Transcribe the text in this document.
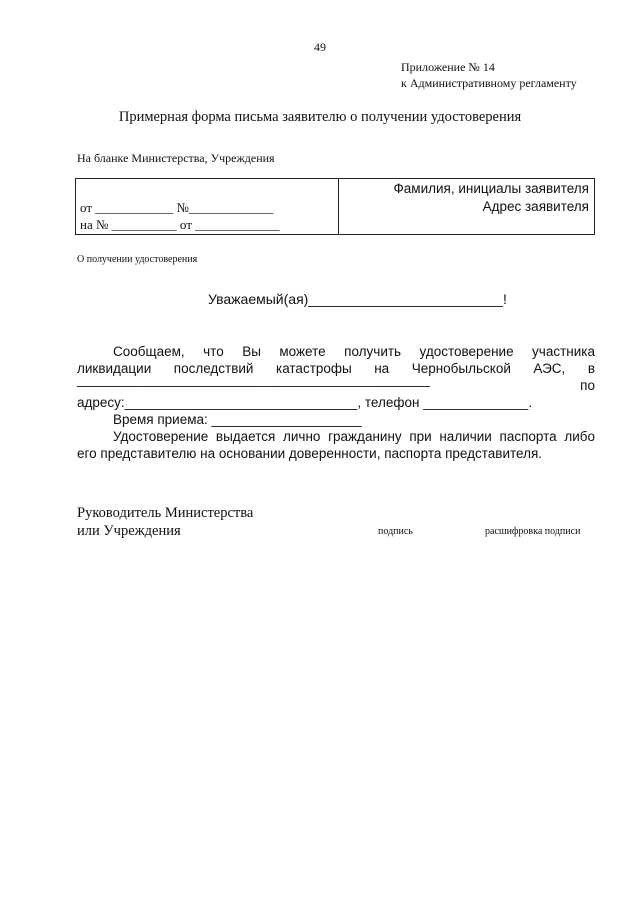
49
Приложение № 14
к Административному регламенту
Примерная форма письма заявителю о получении удостоверения
На бланке Министерства, Учреждения
от ____________ №_____________
на № __________ от _____________
Фамилия, инициалы заявителя
Адрес заявителя
О получении удостоверения
Уважаемый(ая)_________________________!
Сообщаем, что Вы можете получить удостоверение участника
ликвидации последствий катастрофы на Чернобыльской АЭС, в
_______________________________________________	по
адресу:_______________________________, телефон ______________.
Время приема: ____________________
Удостоверение выдается лично гражданину при наличии паспорта либо
его представителю на основании доверенности, паспорта представителя.
Руководитель Министерства
или Учреждения	подпись	расшифровка подписи
